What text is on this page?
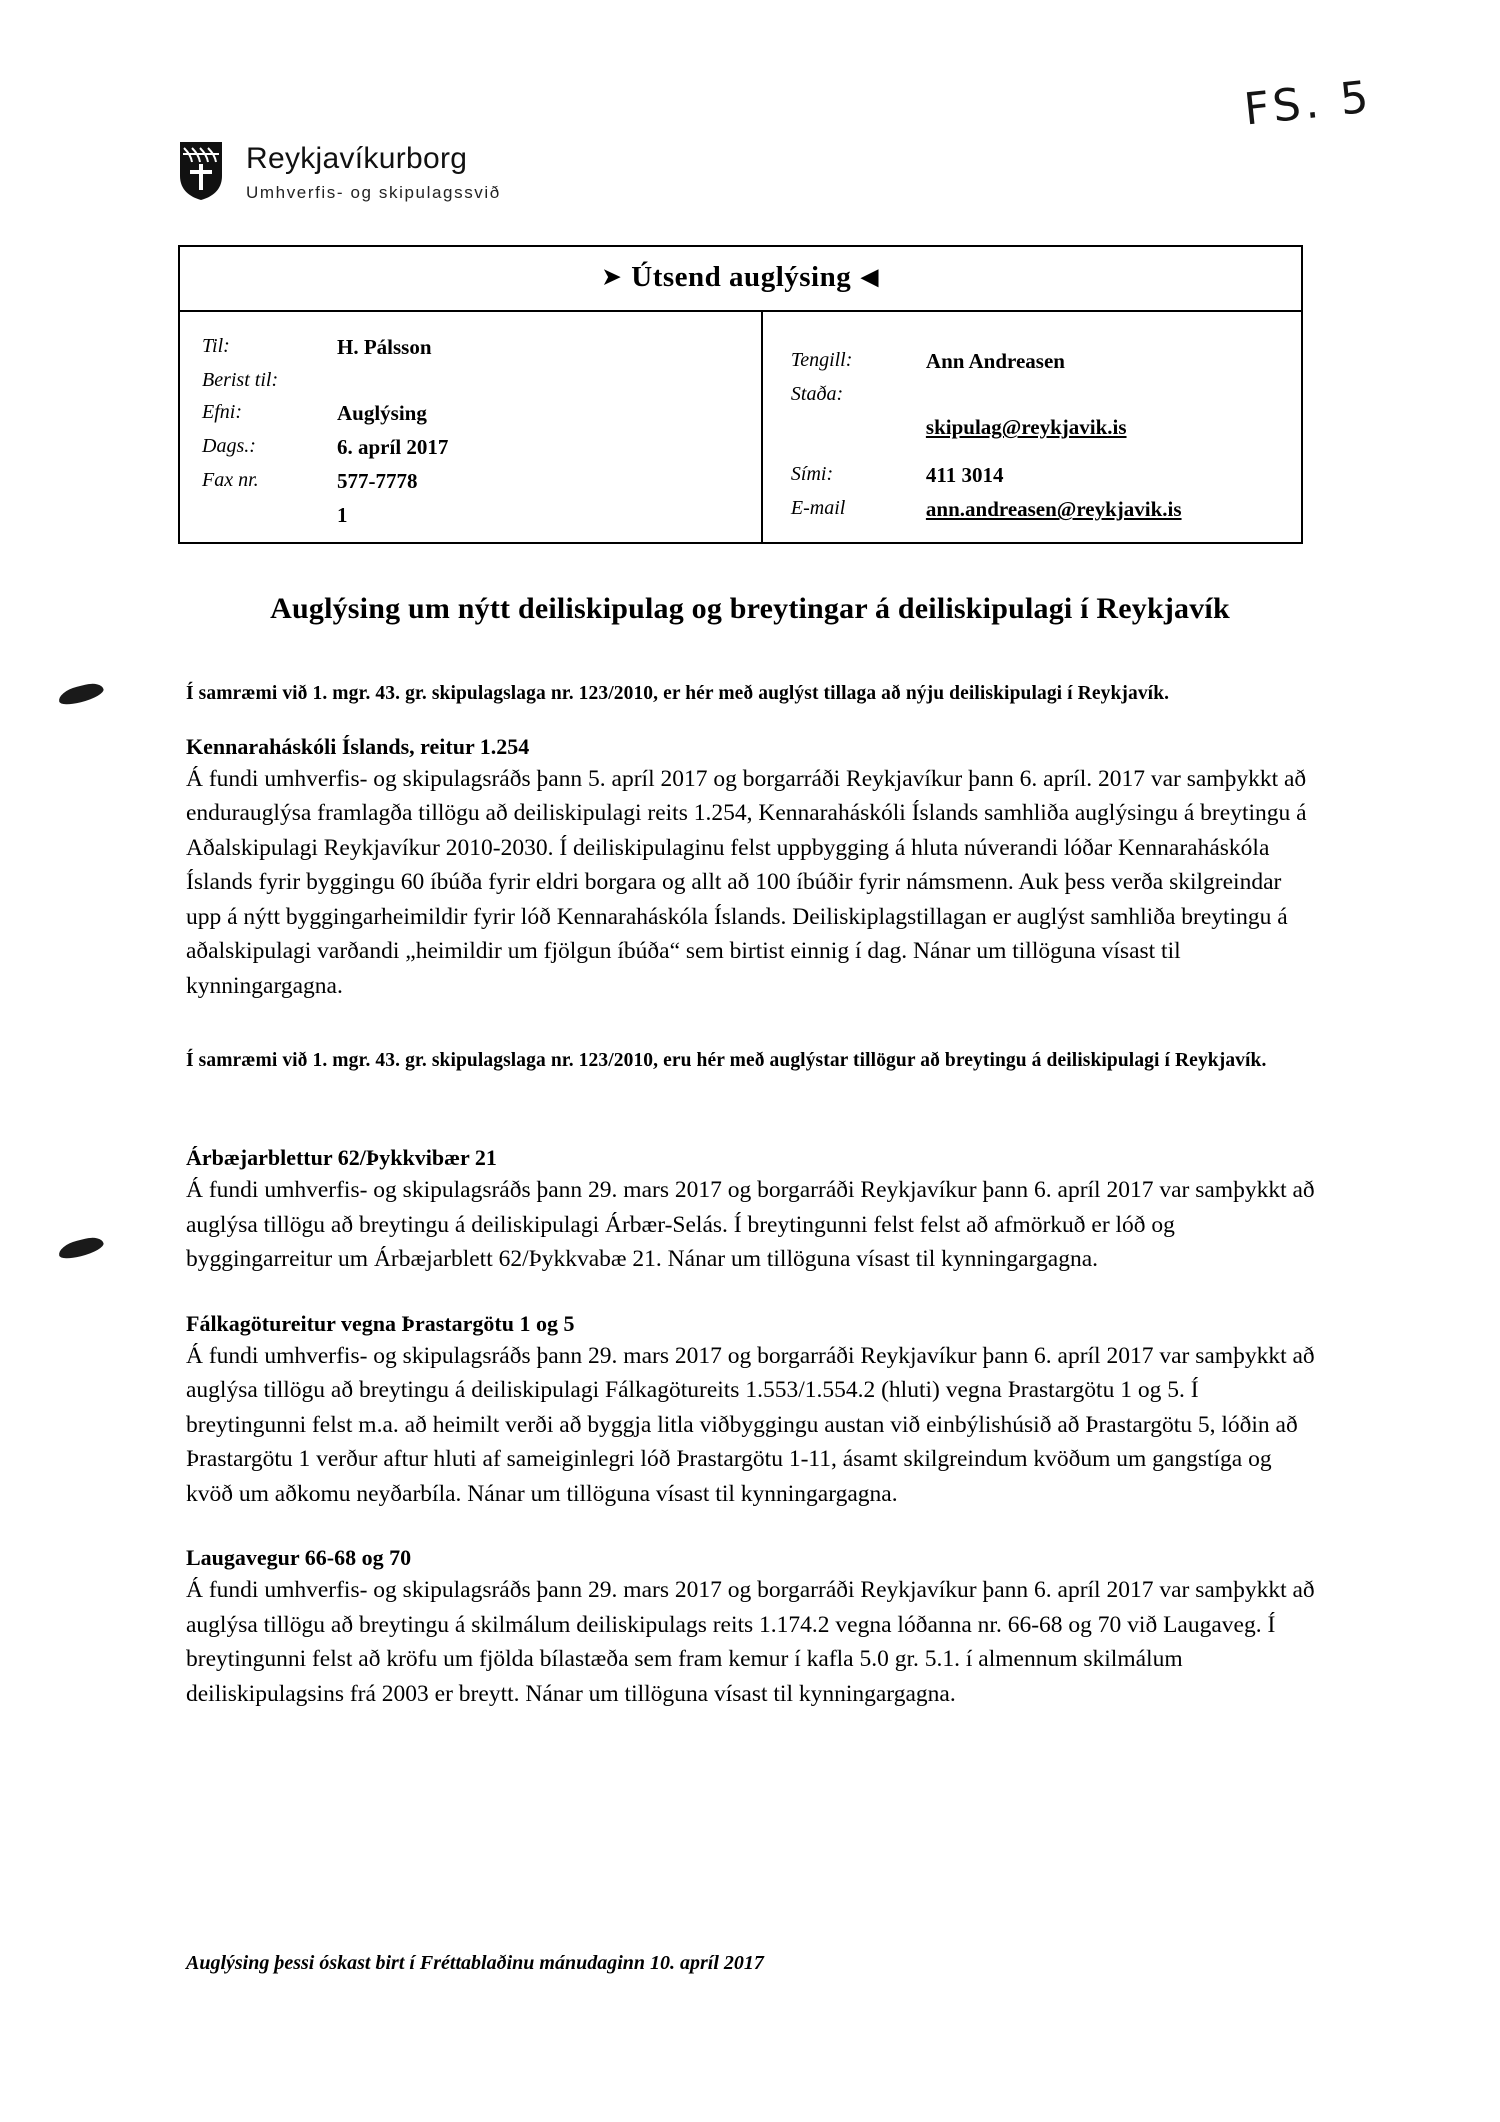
FS. 5
Reykjavíkurborg
Umhverfis- og skipulagssvið
➤ Útsend auglýsing ◀
Til:	H. Pálsson
Berist til:
Efni:	Auglýsing
Dags.:	6. apríl 2017
Fax nr.	577-7778
1
Tengill:	Ann Andreasen
Staða:
skipulag@reykjavik.is
Sími:	411 3014
E-mail	ann.andreasen@reykjavik.is
Auglýsing um nýtt deiliskipulag og breytingar á deiliskipulagi í Reykjavík

Í samræmi við 1. mgr. 43. gr. skipulagslaga nr. 123/2010, er hér með auglýst tillaga að nýju deiliskipulagi í Reykjavík.

Kennaraháskóli Íslands, reitur 1.254

Á fundi umhverfis- og skipulagsráðs þann 5. apríl 2017 og borgarráði Reykjavíkur þann 6. apríl. 2017 var samþykkt að endurauglýsa framlagða tillögu að deiliskipulagi reits 1.254, Kennaraháskóli Íslands samhliða auglýsingu á breytingu á Aðalskipulagi Reykjavíkur 2010-2030. Í deiliskipulaginu felst uppbygging á hluta núverandi lóðar Kennaraháskóla Íslands fyrir byggingu 60 íbúða fyrir eldri borgara og allt að 100 íbúðir fyrir námsmenn. Auk þess verða skilgreindar upp á nýtt byggingarheimildir fyrir lóð Kennaraháskóla Íslands. Deiliskiplagstillagan er auglýst samhliða breytingu á aðalskipulagi varðandi „heimildir um fjölgun íbúða“ sem birtist einnig í dag. Nánar um tillöguna vísast til kynningargagna.

Í samræmi við 1. mgr. 43. gr. skipulagslaga nr. 123/2010, eru hér með auglýstar tillögur að breytingu á deiliskipulagi í Reykjavík.

Árbæjarblettur 62/Þykkvibær 21

Á fundi umhverfis- og skipulagsráðs þann 29. mars 2017 og borgarráði Reykjavíkur þann 6. apríl 2017 var samþykkt að auglýsa tillögu að breytingu á deiliskipulagi Árbær-Selás. Í breytingunni felst felst að afmörkuð er lóð og byggingarreitur um Árbæjarblett 62/Þykkvabæ 21. Nánar um tillöguna vísast til kynningargagna.

Fálkagötureitur vegna Þrastargötu 1 og 5

Á fundi umhverfis- og skipulagsráðs þann 29. mars 2017 og borgarráði Reykjavíkur þann 6. apríl 2017 var samþykkt að auglýsa tillögu að breytingu á deiliskipulagi Fálkagötureits 1.553/1.554.2 (hluti) vegna Þrastargötu 1 og 5. Í breytingunni felst m.a. að heimilt verði að byggja litla viðbyggingu austan við einbýlishúsið að Þrastargötu 5, lóðin að Þrastargötu 1 verður aftur hluti af sameiginlegri lóð Þrastargötu 1-11, ásamt skilgreindum kvöðum um gangstíga og kvöð um aðkomu neyðarbíla. Nánar um tillöguna vísast til kynningargagna.

Laugavegur 66-68 og 70

Á fundi umhverfis- og skipulagsráðs þann 29. mars 2017 og borgarráði Reykjavíkur þann 6. apríl 2017 var samþykkt að auglýsa tillögu að breytingu á skilmálum deiliskipulags reits 1.174.2 vegna lóðanna nr. 66-68 og 70 við Laugaveg. Í breytingunni felst að kröfu um fjölda bílastæða sem fram kemur í kafla 5.0 gr. 5.1. í almennum skilmálum deiliskipulagsins frá 2003 er breytt. Nánar um tillöguna vísast til kynningargagna.

Auglýsing þessi óskast birt í Fréttablaðinu mánudaginn 10. apríl 2017
